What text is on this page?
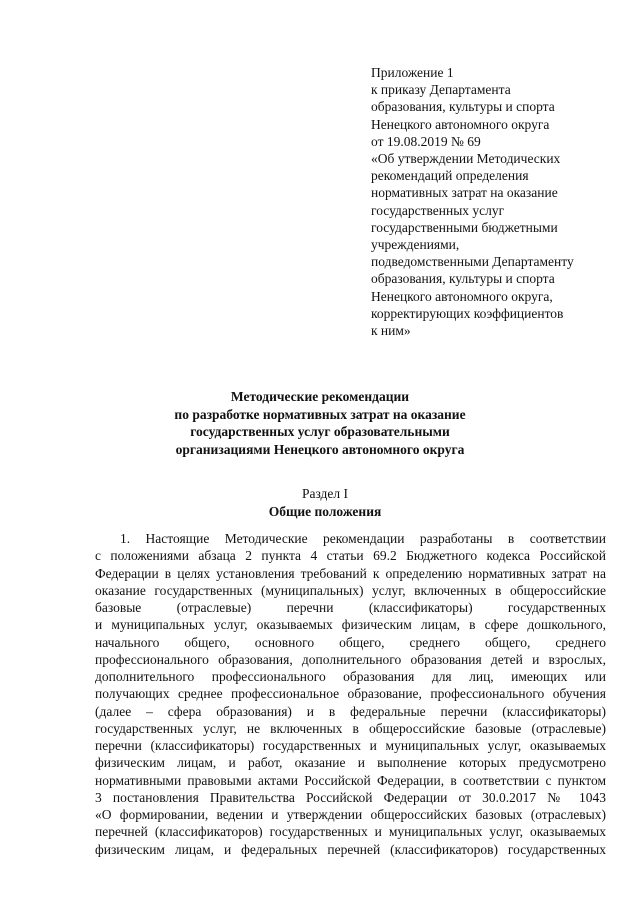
Приложение 1
к приказу Департамента
образования, культуры и спорта
Ненецкого автономного округа
от 19.08.2019 № 69
«Об утверждении Методических
рекомендаций определения
нормативных затрат на оказание
государственных услуг
государственными бюджетными
учреждениями,
подведомственными Департаменту
образования, культуры и спорта
Ненецкого автономного округа,
корректирующих коэффициентов
к ним»
Методические рекомендации
по разработке нормативных затрат на оказание
государственных услуг образовательными
организациями Ненецкого автономного округа
Раздел I
Общие положения
1. Настоящие Методические рекомендации разработаны в соответствии
с положениями абзаца 2 пункта 4 статьи 69.2 Бюджетного кодекса Российской
Федерации в целях установления требований к определению нормативных затрат на
оказание государственных (муниципальных) услуг, включенных в общероссийские
базовые (отраслевые) перечни (классификаторы) государственных
и муниципальных услуг, оказываемых физическим лицам, в сфере дошкольного,
начального общего, основного общего, среднего общего, среднего
профессионального образования, дополнительного образования детей и взрослых,
дополнительного профессионального образования для лиц, имеющих или
получающих среднее профессиональное образование, профессионального обучения
(далее – сфера образования) и в федеральные перечни (классификаторы)
государственных услуг, не включенных в общероссийские базовые (отраслевые)
перечни (классификаторы) государственных и муниципальных услуг, оказываемых
физическим лицам, и работ, оказание и выполнение которых предусмотрено
нормативными правовыми актами Российской Федерации, в соответствии с пунктом
3 постановления Правительства Российской Федерации от 30.0.2017 № 1043
«О формировании, ведении и утверждении общероссийских базовых (отраслевых)
перечней (классификаторов) государственных и муниципальных услуг, оказываемых
физическим лицам, и федеральных перечней (классификаторов) государственных
